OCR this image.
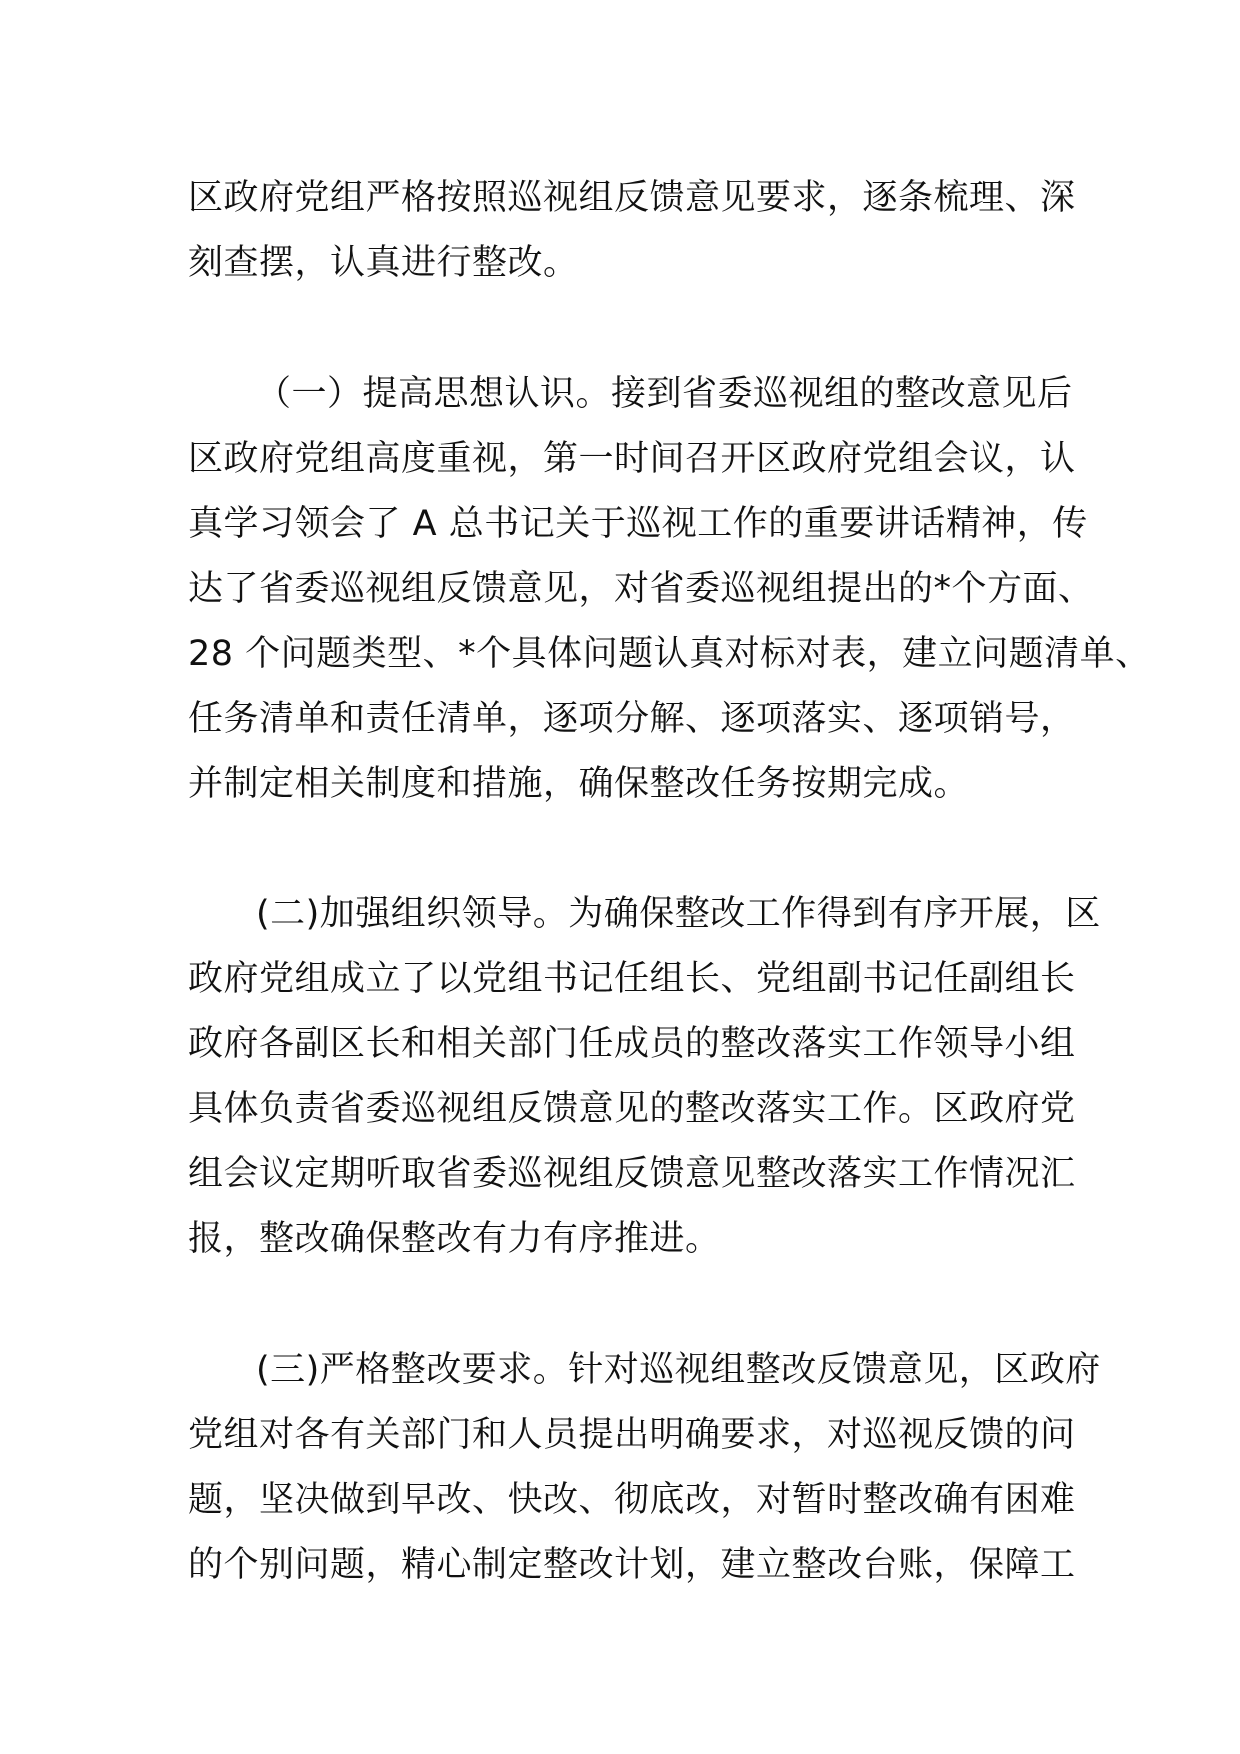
区政府党组严格按照巡视组反馈意见要求，逐条梳理、深
刻查摆，认真进行整改。
（一）提高思想认识。接到省委巡视组的整改意见后
区政府党组高度重视，第一时间召开区政府党组会议，认
真学习领会了 A 总书记关于巡视工作的重要讲话精神，传
达了省委巡视组反馈意见，对省委巡视组提出的*个方面、
28 个问题类型、*个具体问题认真对标对表，建立问题清单、
任务清单和责任清单，逐项分解、逐项落实、逐项销号，
并制定相关制度和措施，确保整改任务按期完成。
(二)加强组织领导。为确保整改工作得到有序开展，区
政府党组成立了以党组书记任组长、党组副书记任副组长
政府各副区长和相关部门任成员的整改落实工作领导小组
具体负责省委巡视组反馈意见的整改落实工作。区政府党
组会议定期听取省委巡视组反馈意见整改落实工作情况汇
报，整改确保整改有力有序推进。
(三)严格整改要求。针对巡视组整改反馈意见，区政府
党组对各有关部门和人员提出明确要求，对巡视反馈的问
题，坚决做到早改、快改、彻底改，对暂时整改确有困难
的个别问题，精心制定整改计划，建立整改台账，保障工
